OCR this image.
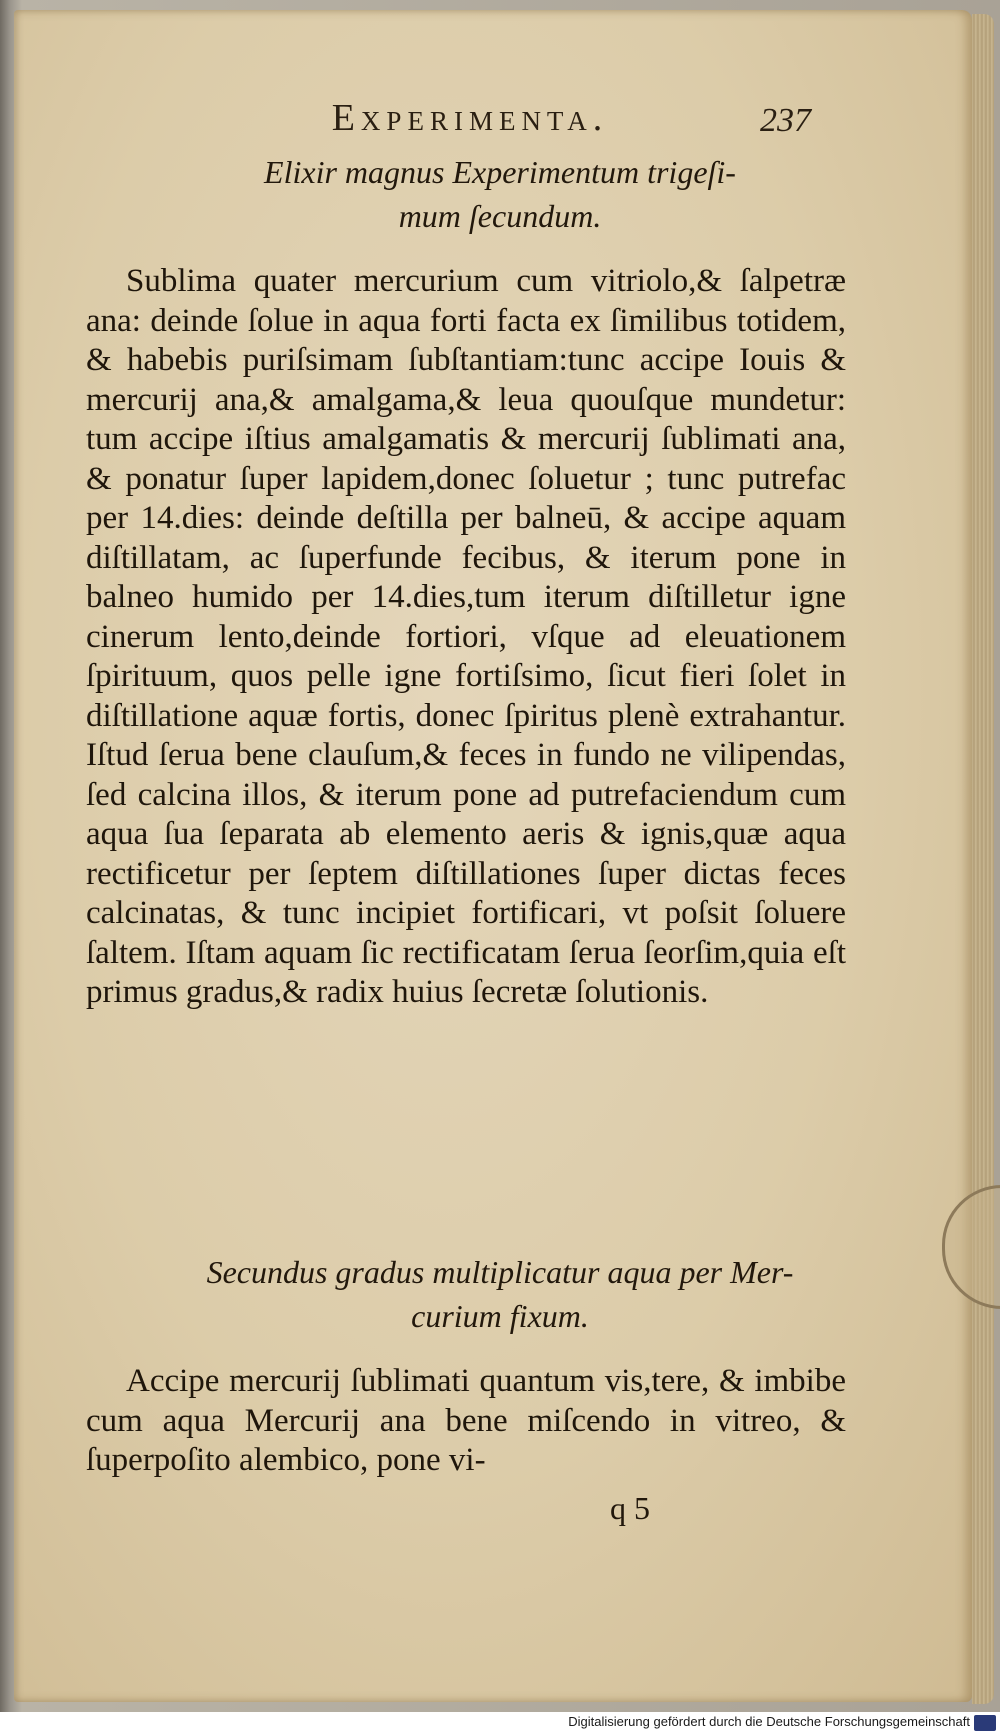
Experimenta.	237
Elixir magnus Experimentum trigeſi-
mum ſecundum.

Sublima quater mercurium cum vitriolo,& ſalpetræ ana: deinde ſolue in aqua forti facta ex ſimilibus totidem, & habebis puriſsimam ſubſtantiam:tunc accipe Iouis & mercurij ana,& amalgama,& leua quouſque mundetur: tum accipe iſtius amalgamatis & mercurij ſublimati ana, & ponatur ſuper lapidem,donec ſoluetur ; tunc putrefac per 14.dies: deinde deſtilla per balneū, & accipe aquam diſtillatam, ac ſuperfunde fecibus, & iterum pone in balneo humido per 14.dies,tum iterum diſtilletur igne cinerum lento,deinde fortiori, vſque ad eleuationem ſpirituum, quos pelle igne fortiſsimo, ſicut fieri ſolet in diſtillatione aquæ fortis, donec ſpiritus plenè extrahantur. Iſtud ſerua bene clauſum,& feces in fundo ne vilipendas, ſed calcina illos, & iterum pone ad putrefaciendum cum aqua ſua ſeparata ab elemento aeris & ignis,quæ aqua rectificetur per ſeptem diſtillationes ſuper dictas feces calcinatas, & tunc incipiet fortificari, vt poſsit ſoluere ſaltem. Iſtam aquam ſic rectificatam ſerua ſeorſim,quia eſt primus gradus,& radix huius ſecretæ ſolutionis.

Secundus gradus multiplicatur aqua per Mer-
curium fixum.

Accipe mercurij ſublimati quantum vis,tere, & imbibe cum aqua Mercurij ana bene miſcendo in vitreo, & ſuperpoſito alembico, pone vi-

q 5
Digitalisierung gefördert durch die Deutsche Forschungsgemeinschaft
